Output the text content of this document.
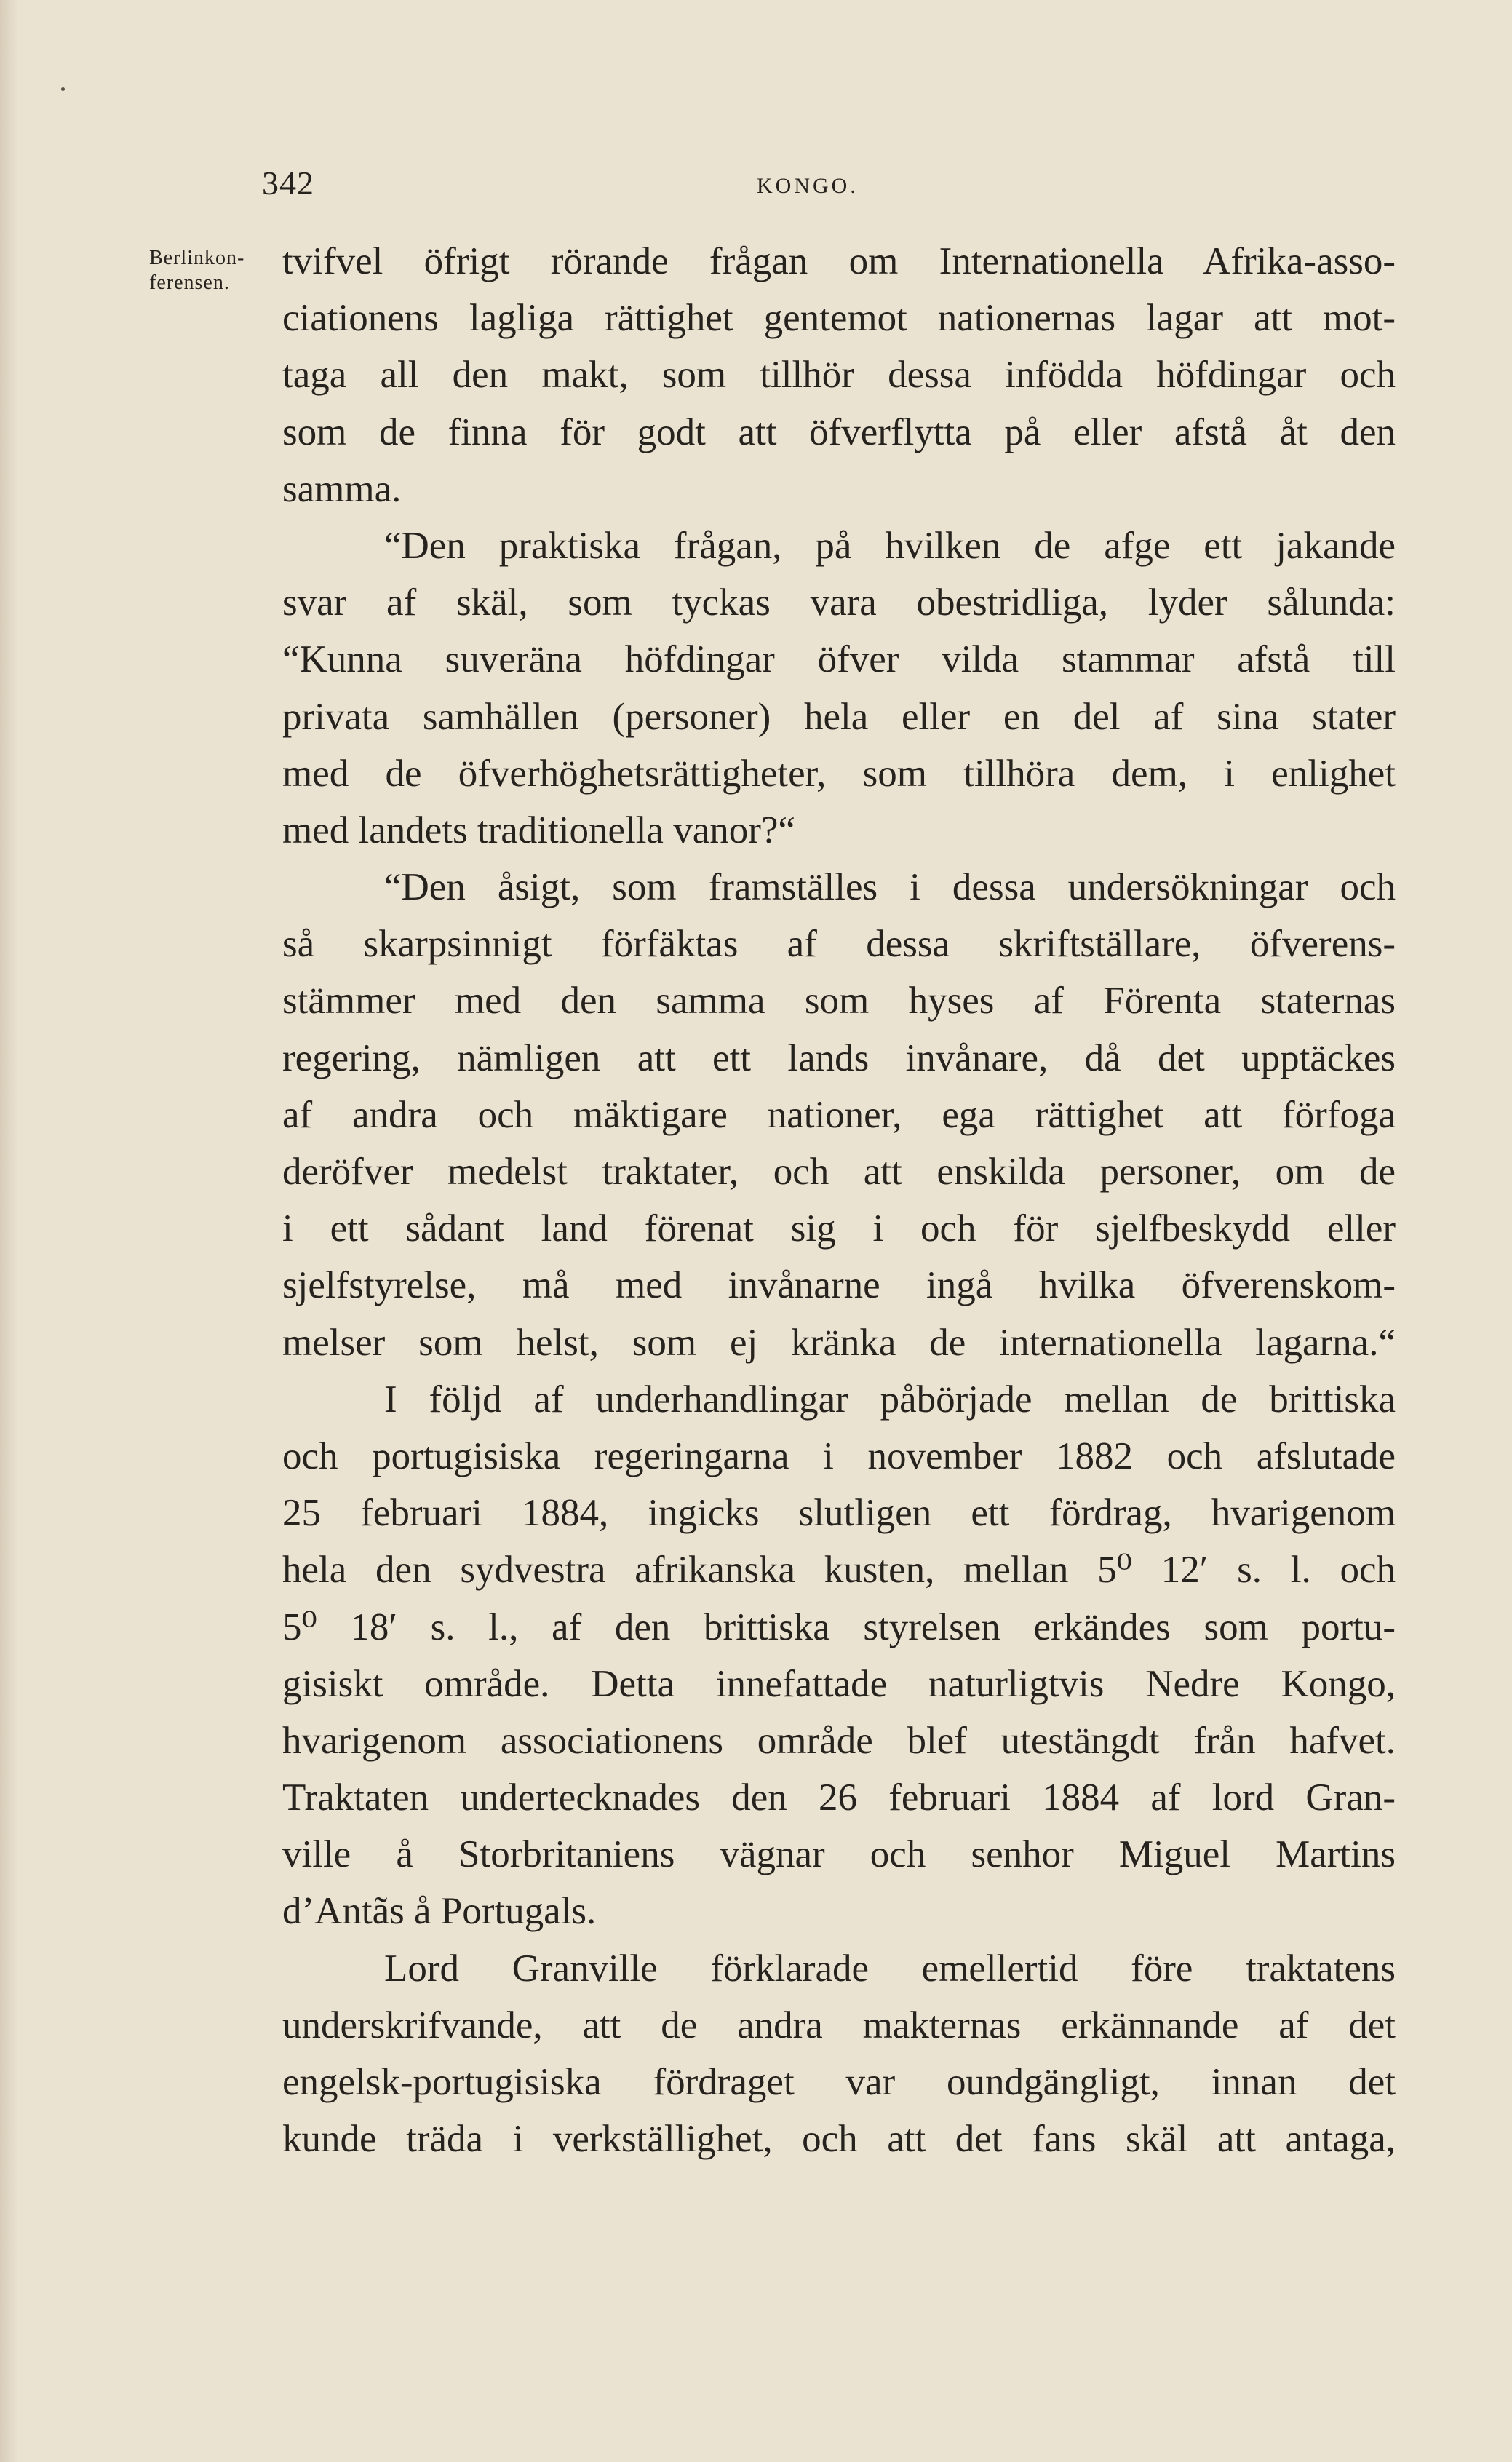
342	KONGO.
Berlinkon-
ferensen.
tvifvel öfrigt rörande frågan om Internationella Afrika-asso-
ciationens lagliga rättighet gentemot nationernas lagar att mot-
taga all den makt, som tillhör dessa infödda höfdingar och
som de finna för godt att öfverflytta på eller afstå åt den
samma.
“Den praktiska frågan, på hvilken de afge ett jakande
svar af skäl, som tyckas vara obestridliga, lyder sålunda:
“Kunna suveräna höfdingar öfver vilda stammar afstå till
privata samhällen (personer) hela eller en del af sina stater
med de öfverhöghetsrättigheter, som tillhöra dem, i enlighet
med landets traditionella vanor?“
“Den åsigt, som framställes i dessa undersökningar och
så skarpsinnigt förfäktas af dessa skriftställare, öfverens-
stämmer med den samma som hyses af Förenta staternas
regering, nämligen att ett lands invånare, då det upptäckes
af andra och mäktigare nationer, ega rättighet att förfoga
deröfver medelst traktater, och att enskilda personer, om de
i ett sådant land förenat sig i och för sjelfbeskydd eller
sjelfstyrelse, må med invånarne ingå hvilka öfverenskom-
melser som helst, som ej kränka de internationella lagarna.“
I följd af underhandlingar påbörjade mellan de brittiska
och portugisiska regeringarna i november 1882 och afslutade
25 februari 1884, ingicks slutligen ett fördrag, hvarigenom
hela den sydvestra afrikanska kusten, mellan 5⁰ 12′ s. l. och
5⁰ 18′ s. l., af den brittiska styrelsen erkändes som portu-
gisiskt område. Detta innefattade naturligtvis Nedre Kongo,
hvarigenom associationens område blef utestängdt från hafvet.
Traktaten undertecknades den 26 februari 1884 af lord Gran-
ville å Storbritaniens vägnar och senhor Miguel Martins
d’Antãs å Portugals.
Lord Granville förklarade emellertid före traktatens
underskrifvande, att de andra makternas erkännande af det
engelsk-portugisiska fördraget var oundgängligt, innan det
kunde träda i verkställighet, och att det fans skäl att antaga,
